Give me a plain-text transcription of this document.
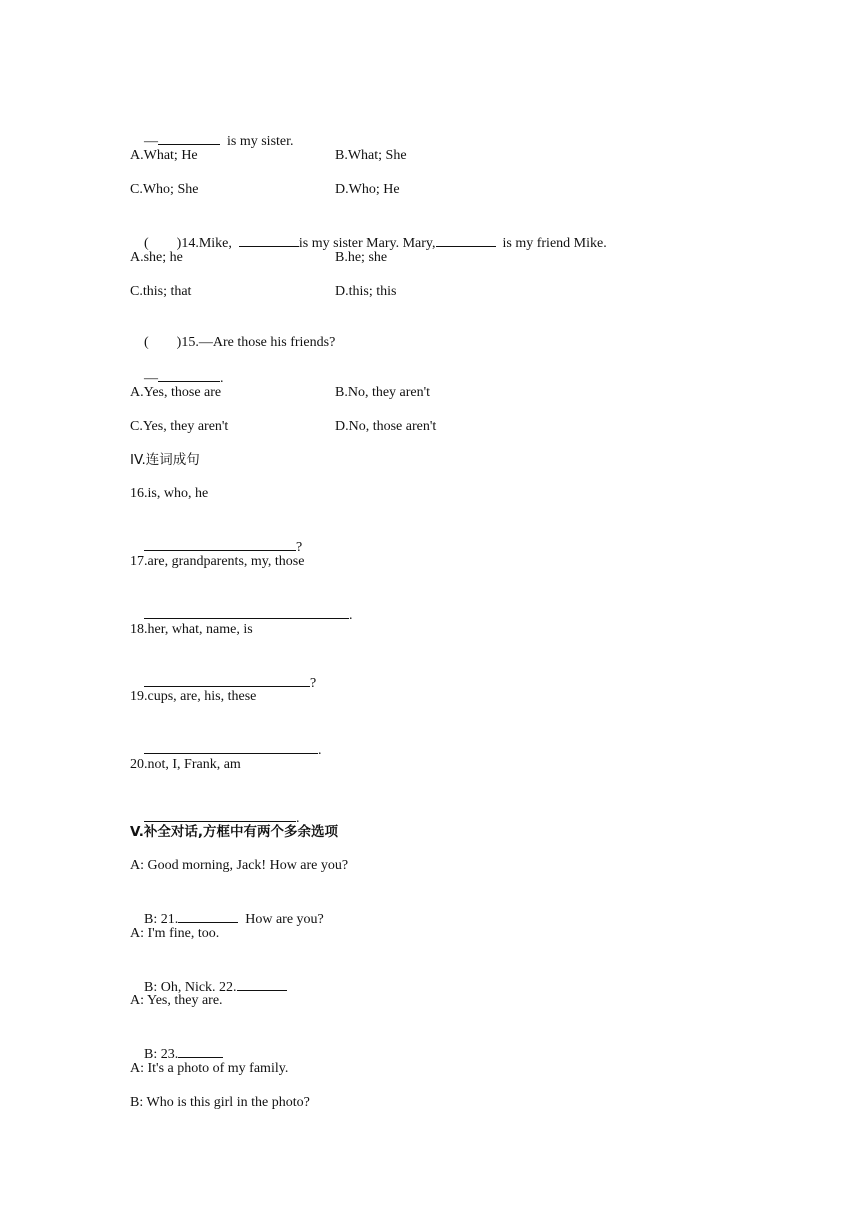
—	is my sister.

A.What; He	B.What; She
C.Who; She	D.Who; He

( )14.Mike,	is my sister Mary. Mary,	is my friend Mike.

A.she; he	B.he; she
C.this; that	D.this; this

( )15.—Are those his friends?

—	.

A.Yes, those are	B.No, they aren't
C.Yes, they aren't	D.No, those aren't
IV.连词成句
16.is, who, he

?

17.are, grandparents, my, those

.

18.her, what, name, is

?

19.cups, are, his, these

.

20.not, I, Frank, am

.

V.补全对话,方框中有两个多余选项
A: Good morning, Jack! How are you?

B: 21.	How are you?

A: I'm fine, too.

B: Oh, Nick. 22.

A: Yes, they are.

B: 23.

A: It's a photo of my family.
B: Who is this girl in the photo?
